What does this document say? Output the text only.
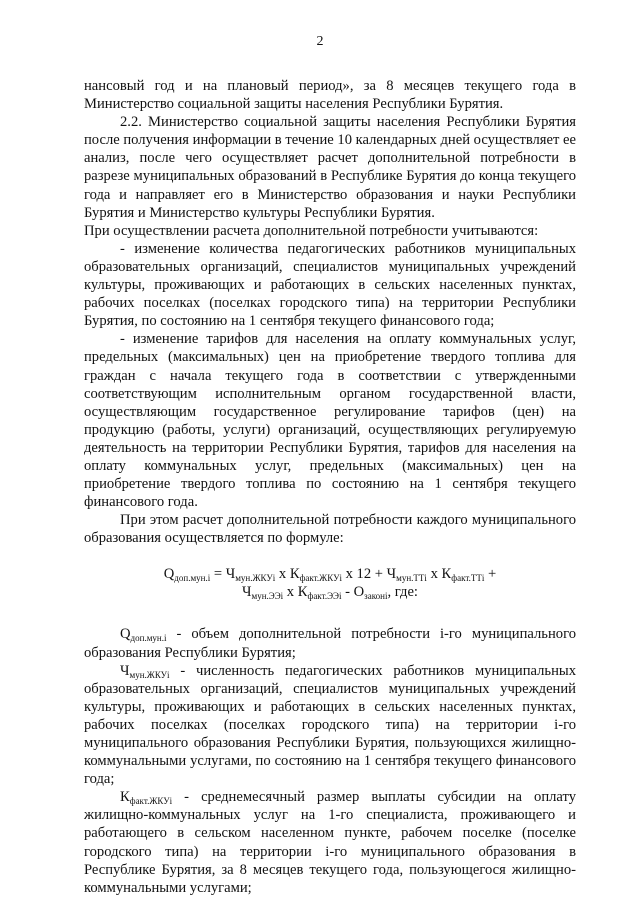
2

нансовый год и на плановый период», за 8 месяцев текущего года в Министерство социальной защиты населения Республики Бурятия.

2.2. Министерство социальной защиты населения Республики Бурятия после получения информации в течение 10 календарных дней осуществляет ее анализ, после чего осуществляет расчет дополнительной потребности в разрезе муниципальных образований в Республике Бурятия до конца текущего года и направляет его в Министерство образования и науки Республики Бурятия и Министерство культуры Республики Бурятия.

При осуществлении расчета дополнительной потребности учитываются:

- изменение количества педагогических работников муниципальных образовательных организаций, специалистов муниципальных учреждений культуры, проживающих и работающих в сельских населенных пунктах, рабочих поселках (поселках городского типа) на территории Республики Бурятия, по состоянию на 1 сентября текущего финансового года;

- изменение тарифов для населения на оплату коммунальных услуг, предельных (максимальных) цен на приобретение твердого топлива для граждан с начала текущего года в соответствии с утвержденными соответствующим исполнительным органом государственной власти, осуществляющим государственное регулирование тарифов (цен) на продукцию (работы, услуги) организаций, осуществляющих регулируемую деятельность на территории Республики Бурятия, тарифов для населения на оплату коммунальных услуг, предельных (максимальных) цен на приобретение твердого топлива по состоянию на 1 сентября текущего финансового года.

При этом расчет дополнительной потребности каждого муниципального образования осуществляется по формуле:

$Q_{доп.мун.i} = Ч_{мун.ЖКУi}$ х $К_{факт.ЖКУi}$ х $12 + Ч_{мун.ТТi}$ х $К_{факт.ТТi}$ +
$Ч_{мун.ЭЭi}$ х $К_{факт.ЭЭi} - О_{законi}$, где:

$Q_{доп.мун.i}$ - объем дополнительной потребности i-го муниципального образования Республики Бурятия;

$Ч_{мун.ЖКУi}$ - численность педагогических работников муниципальных образовательных организаций, специалистов муниципальных учреждений культуры, проживающих и работающих в сельских населенных пунктах, рабочих поселках (поселках городского типа) на территории i-го муниципального образования Республики Бурятия, пользующихся жилищно-коммунальными услугами, по состоянию на 1 сентября текущего финансового года;

$К_{факт.ЖКУi}$ - среднемесячный размер выплаты субсидии на оплату жилищно-коммунальных услуг на 1-го специалиста, проживающего и работающего в сельском населенном пункте, рабочем поселке (поселке городского типа) на территории i-го муниципального образования в Республике Бурятия, за 8 месяцев текущего года, пользующегося жилищно-коммунальными услугами;
